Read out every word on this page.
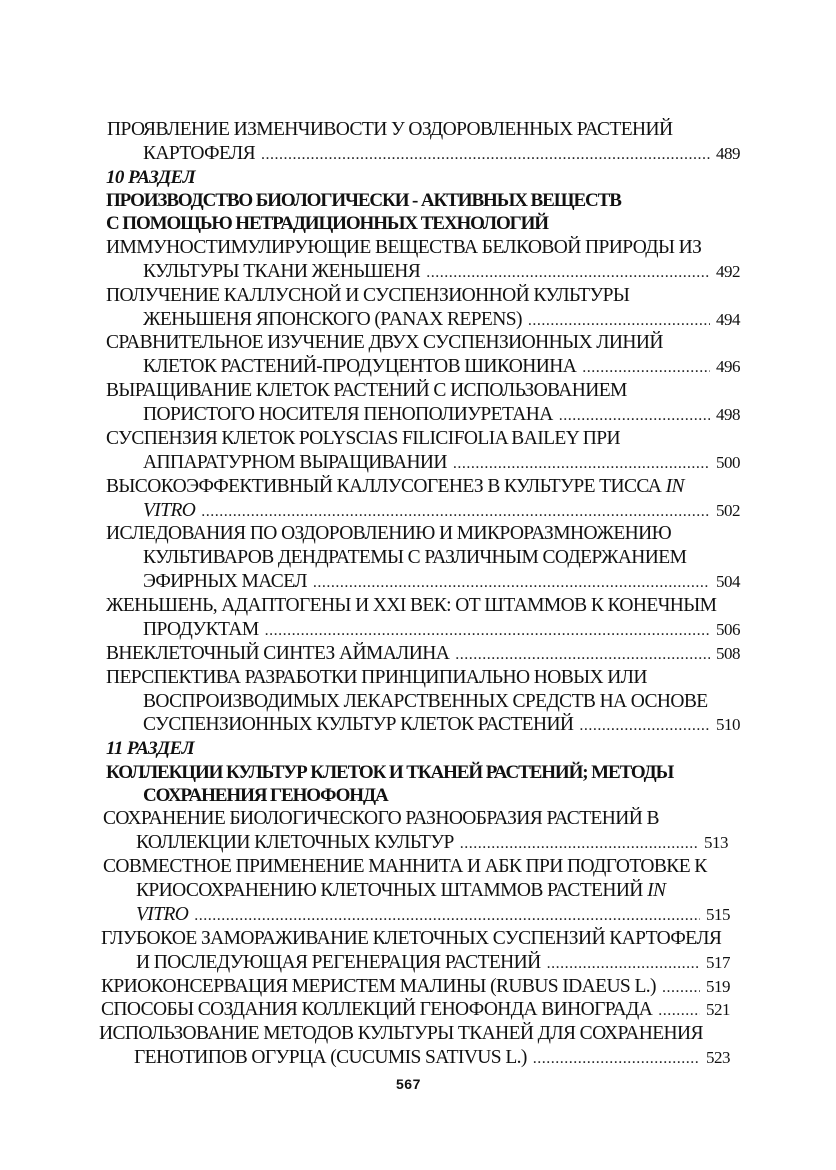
ПРОЯВЛЕНИЕ ИЗМЕНЧИВОСТИ У ОЗДОРОВЛЕННЫХ РАСТЕНИЙ
КАРТОФЕЛЯ .....	489
10 РАЗДЕЛ
ПРОИЗВОДСТВО БИОЛОГИЧЕСКИ - АКТИВНЫХ ВЕЩЕСТВ
С ПОМОЩЬЮ НЕТРАДИЦИОННЫХ ТЕХНОЛОГИЙ
ИММУНОСТИМУЛИРУЮЩИЕ ВЕЩЕСТВА БЕЛКОВОЙ ПРИРОДЫ ИЗ
КУЛЬТУРЫ ТКАНИ ЖЕНЬШЕНЯ .....	492
ПОЛУЧЕНИЕ КАЛЛУСНОЙ И СУСПЕНЗИОННОЙ КУЛЬТУРЫ
ЖЕНЬШЕНЯ ЯПОНСКОГО (PANAX REPENS) .....	494
СРАВНИТЕЛЬНОЕ ИЗУЧЕНИЕ ДВУХ СУСПЕНЗИОННЫХ ЛИНИЙ
КЛЕТОК РАСТЕНИЙ-ПРОДУЦЕНТОВ ШИКОНИНА .....	496
ВЫРАЩИВАНИЕ КЛЕТОК РАСТЕНИЙ С ИСПОЛЬЗОВАНИЕМ
ПОРИСТОГО НОСИТЕЛЯ ПЕНОПОЛИУРЕТАНА .....	498
СУСПЕНЗИЯ КЛЕТОК POLYSCIAS FILICIFOLIA BAILEY ПРИ
АППАРАТУРНОМ ВЫРАЩИВАНИИ .....	500
ВЫСОКОЭФФЕКТИВНЫЙ КАЛЛУСОГЕНЕЗ В КУЛЬТУРЕ ТИССА IN
VITRO .....	502
ИСЛЕДОВАНИЯ ПО ОЗДОРОВЛЕНИЮ И МИКРОРАЗМНОЖЕНИЮ
КУЛЬТИВАРОВ ДЕНДРАТЕМЫ С РАЗЛИЧНЫМ СОДЕРЖАНИЕМ
ЭФИРНЫХ МАСЕЛ .....	504
ЖЕНЬШЕНЬ, АДАПТОГЕНЫ И XXI ВЕК: ОТ ШТАММОВ К КОНЕЧНЫМ
ПРОДУКТАМ .....	506
ВНЕКЛЕТОЧНЫЙ СИНТЕЗ АЙМАЛИНА .....	508
ПЕРСПЕКТИВА РАЗРАБОТКИ ПРИНЦИПИАЛЬНО НОВЫХ ИЛИ
ВОСПРОИЗВОДИМЫХ ЛЕКАРСТВЕННЫХ СРЕДСТВ НА ОСНОВЕ
СУСПЕНЗИОННЫХ КУЛЬТУР КЛЕТОК РАСТЕНИЙ .....	510
11 РАЗДЕЛ
КОЛЛЕКЦИИ КУЛЬТУР КЛЕТОК И ТКАНЕЙ РАСТЕНИЙ; МЕТОДЫ
СОХРАНЕНИЯ ГЕНОФОНДА
СОХРАНЕНИЕ БИОЛОГИЧЕСКОГО РАЗНООБРАЗИЯ РАСТЕНИЙ В
КОЛЛЕКЦИИ КЛЕТОЧНЫХ КУЛЬТУР .....	513
СОВМЕСТНОЕ ПРИМЕНЕНИЕ МАННИТА И АБК ПРИ ПОДГОТОВКЕ К
КРИОСОХРАНЕНИЮ КЛЕТОЧНЫХ ШТАММОВ РАСТЕНИЙ IN
VITRO .....	515
ГЛУБОКОЕ ЗАМОРАЖИВАНИЕ КЛЕТОЧНЫХ СУСПЕНЗИЙ КАРТОФЕЛЯ
И ПОСЛЕДУЮЩАЯ РЕГЕНЕРАЦИЯ РАСТЕНИЙ .....	517
КРИОКОНСЕРВАЦИЯ МЕРИСТЕМ МАЛИНЫ (RUBUS IDAEUS L.) .....	519
СПОСОБЫ СОЗДАНИЯ КОЛЛЕКЦИЙ ГЕНОФОНДА ВИНОГРАДА .....	521
ИСПОЛЬЗОВАНИЕ МЕТОДОВ КУЛЬТУРЫ ТКАНЕЙ ДЛЯ СОХРАНЕНИЯ
ГЕНОТИПОВ ОГУРЦА (CUCUMIS SATIVUS L.) .....	523
567
